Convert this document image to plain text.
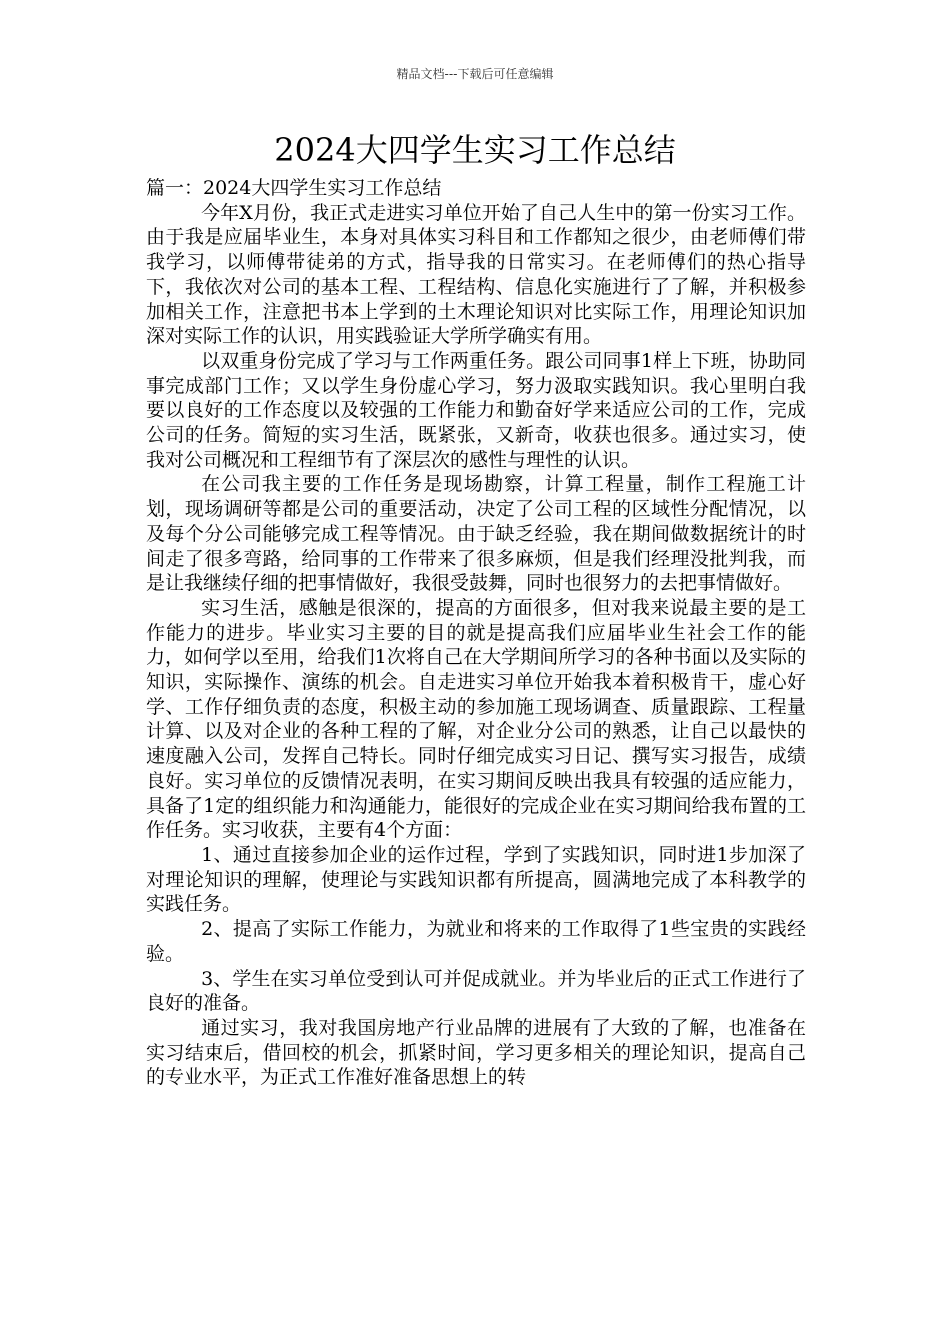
精品文档---下载后可任意编辑
2024大四学生实习工作总结

篇一：2024大四学生实习工作总结

今年X月份，我正式走进实习单位开始了自己人生中的第一份实习工作。由于我是应届毕业生，本身对具体实习科目和工作都知之很少，由老师傅们带我学习，以师傅带徒弟的方式，指导我的日常实习。在老师傅们的热心指导下，我依次对公司的基本工程、工程结构、信息化实施进行了了解，并积极参加相关工作，注意把书本上学到的土木理论知识对比实际工作，用理论知识加深对实际工作的认识，用实践验证大学所学确实有用。

以双重身份完成了学习与工作两重任务。跟公司同事1样上下班，协助同事完成部门工作；又以学生身份虚心学习，努力汲取实践知识。我心里明白我要以良好的工作态度以及较强的工作能力和勤奋好学来适应公司的工作，完成公司的任务。简短的实习生活，既紧张，又新奇，收获也很多。通过实习，使我对公司概况和工程细节有了深层次的感性与理性的认识。

在公司我主要的工作任务是现场勘察，计算工程量，制作工程施工计划，现场调研等都是公司的重要活动，决定了公司工程的区域性分配情况，以及每个分公司能够完成工程等情况。由于缺乏经验，我在期间做数据统计的时间走了很多弯路，给同事的工作带来了很多麻烦，但是我们经理没批判我，而是让我继续仔细的把事情做好，我很受鼓舞，同时也很努力的去把事情做好。

实习生活，感触是很深的，提高的方面很多，但对我来说最主要的是工作能力的进步。毕业实习主要的目的就是提高我们应届毕业生社会工作的能力，如何学以至用，给我们1次将自己在大学期间所学习的各种书面以及实际的知识，实际操作、演练的机会。自走进实习单位开始我本着积极肯干，虚心好学、工作仔细负责的态度，积极主动的参加施工现场调查、质量跟踪、工程量计算、以及对企业的各种工程的了解，对企业分公司的熟悉，让自己以最快的速度融入公司，发挥自己特长。同时仔细完成实习日记、撰写实习报告，成绩良好。实习单位的反馈情况表明，在实习期间反映出我具有较强的适应能力，具备了1定的组织能力和沟通能力，能很好的完成企业在实习期间给我布置的工作任务。实习收获，主要有4个方面：

1、通过直接参加企业的运作过程，学到了实践知识，同时进1步加深了对理论知识的理解，使理论与实践知识都有所提高，圆满地完成了本科教学的实践任务。

2、提高了实际工作能力，为就业和将来的工作取得了1些宝贵的实践经验。

3、学生在实习单位受到认可并促成就业。并为毕业后的正式工作进行了良好的准备。

通过实习，我对我国房地产行业品牌的进展有了大致的了解，也准备在实习结束后，借回校的机会，抓紧时间，学习更多相关的理论知识，提高自己的专业水平，为正式工作准好准备思想上的转
